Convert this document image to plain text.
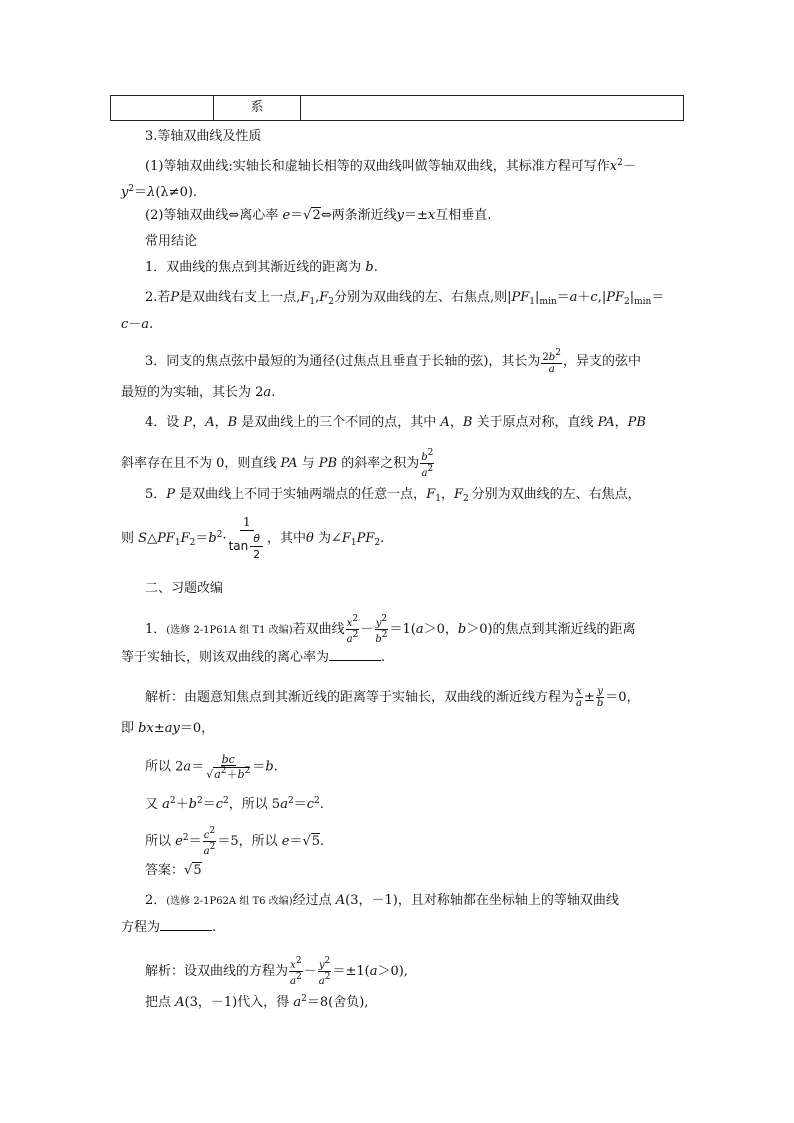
系
3.等轴双曲线及性质
(1)等轴双曲线:实轴长和虚轴长相等的双曲线叫做等轴双曲线，其标准方程可写作$x^2-$
$y^2=\lambda(\lambda\ne 0)$.
(2)等轴双曲线⇔离心率 e＝√2⇔两条渐近线y＝±x互相垂直.
常用结论
1．双曲线的焦点到其渐近线的距离为 b.
2.若P是双曲线右支上一点$,F_1,F_2$分别为双曲线的左、右焦点,则$|PF_1|_{min}=a+c,|PF_2|_{min}=$
c－a.
3．同支的焦点弦中最短的为通径(过焦点且垂直于长轴的弦)，其长为 $\frac{2b2}{a}$ ，异支的弦中
最短的为实轴，其长为 2a.
4．设 P，A，B 是双曲线上的三个不同的点，其中 A，B 关于原点对称，直线 PA，PB
斜率存在且不为 0，则直线 PA 与 PB 的斜率之积为 $\frac{b2}{a2}$
5．P 是双曲线上不同于实轴两端点的任意一点，$F_1$，$F_2$ 分别为双曲线的左、右焦点，
则 $S\triangle PF_1F_2=b^2\cdot \frac{1}{\tan \frac{\theta}{2}}$ ，其中θ 为$\angle F_1PF_2$.
二、习题改编
1．(选修 2-1P61A 组 T1 改编)若双曲线 $\frac{x2}{a2} - \frac{y2}{b2} =1(a>0$，b＞0)的焦点到其渐近线的距离
等于实轴长，则该双曲线的离心率为	.
解析：由题意知焦点到其渐近线的距离等于实轴长，双曲线的渐近线方程为 $\frac{x}{a} \pm \frac{y}{b} =0$，
即 bx±ay＝0，
所以 $2a= \frac{bc}{√a^2+b^2} =b$.
又 $a^2+b^2=c^2$，所以 $5a^2=c^2$.
所以 $e^2= \frac{c2}{a2} =5$，所以 e＝√5.
答案：√5
2．(选修 2-1P62A 组 T6 改编)经过点 A(3，－1)，且对称轴都在坐标轴上的等轴双曲线
方程为	.
解析：设双曲线的方程为 $\frac{x2}{a2} - \frac{y2}{a2} =\pm 1(a>0)$,
把点 A(3，－1)代入，得 $a^2=8$(舍负),
